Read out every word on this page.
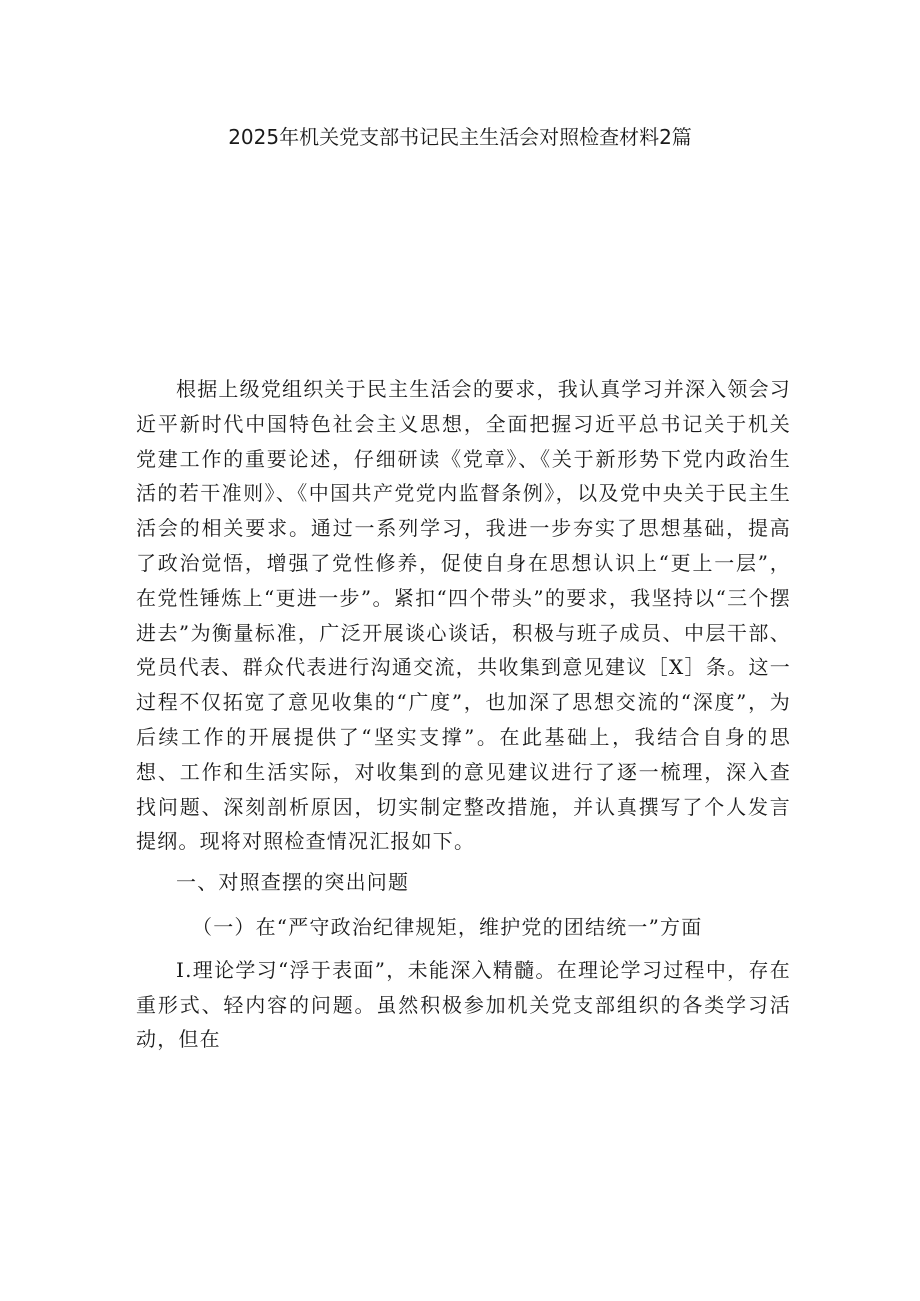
2025年机关党支部书记民主生活会对照检查材料2篇

根据上级党组织关于民主生活会的要求，我认真学习并深入领会习近平新时代中国特色社会主义思想，全面把握习近平总书记关于机关党建工作的重要论述，仔细研读《党章》、《关于新形势下党内政治生活的若干准则》、《中国共产党党内监督条例》，以及党中央关于民主生活会的相关要求。通过一系列学习，我进一步夯实了思想基础，提高了政治觉悟，增强了党性修养，促使自身在思想认识上“更上一层”，在党性锤炼上“更进一步”。紧扣“四个带头”的要求，我坚持以“三个摆进去”为衡量标准，广泛开展谈心谈话，积极与班子成员、中层干部、党员代表、群众代表进行沟通交流，共收集到意见建议［X］条。这一过程不仅拓宽了意见收集的“广度”，也加深了思想交流的“深度”，为后续工作的开展提供了“坚实支撑”。在此基础上，我结合自身的思想、工作和生活实际，对收集到的意见建议进行了逐一梳理，深入查找问题、深刻剖析原因，切实制定整改措施，并认真撰写了个人发言提纲。现将对照检查情况汇报如下。

一、对照查摆的突出问题

（一）在“严守政治纪律规矩，维护党的团结统一”方面

I.理论学习“浮于表面”，未能深入精髓。在理论学习过程中，存在重形式、轻内容的问题。虽然积极参加机关党支部组织的各类学习活动，但在
